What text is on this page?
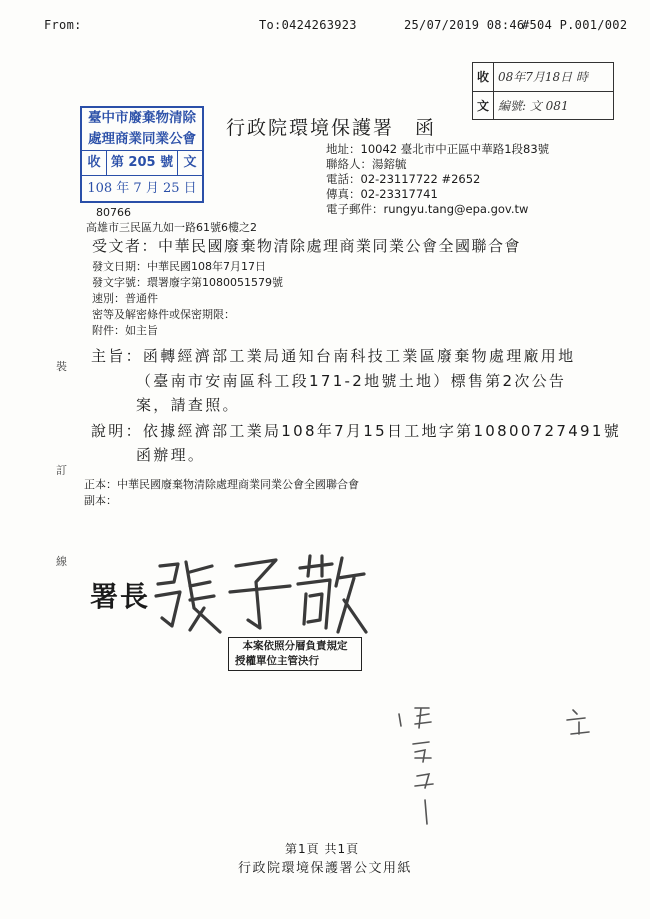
From:	To:0424263923	25/07/2019 08:46
#504 P.001/002
收 08年7月18日 時
文 編號: 文 081
臺中市廢棄物清除
處理商業同業公會
收 第 205 號 文
108 年 7 月 25 日
行政院環境保護署　函
地址：10042 臺北市中正區中華路1段83號
聯絡人：湯鎔毓
電話：02-23117722 #2652
傳真：02-23317741
電子郵件：rungyu.tang@epa.gov.tw
80766
高雄市三民區九如一路61號6樓之2
受文者：中華民國廢棄物清除處理商業同業公會全國聯合會
發文日期：中華民國108年7月17日
發文字號：環署廢字第1080051579號
速別：普通件
密等及解密條件或保密期限：
附件：如主旨
裝
訂
線
主旨：函轉經濟部工業局通知台南科技工業區廢棄物處理廠用地
（臺南市安南區科工段171-2地號土地）標售第2次公告
案，請查照。
說明：依據經濟部工業局108年7月15日工地字第10800727491號
函辦理。
正本：中華民國廢棄物清除處理商業同業公會全國聯合會
副本：
署長
本案依照分層負責規定
授權單位主管決行
第1頁 共1頁
行政院環境保護署公文用紙
